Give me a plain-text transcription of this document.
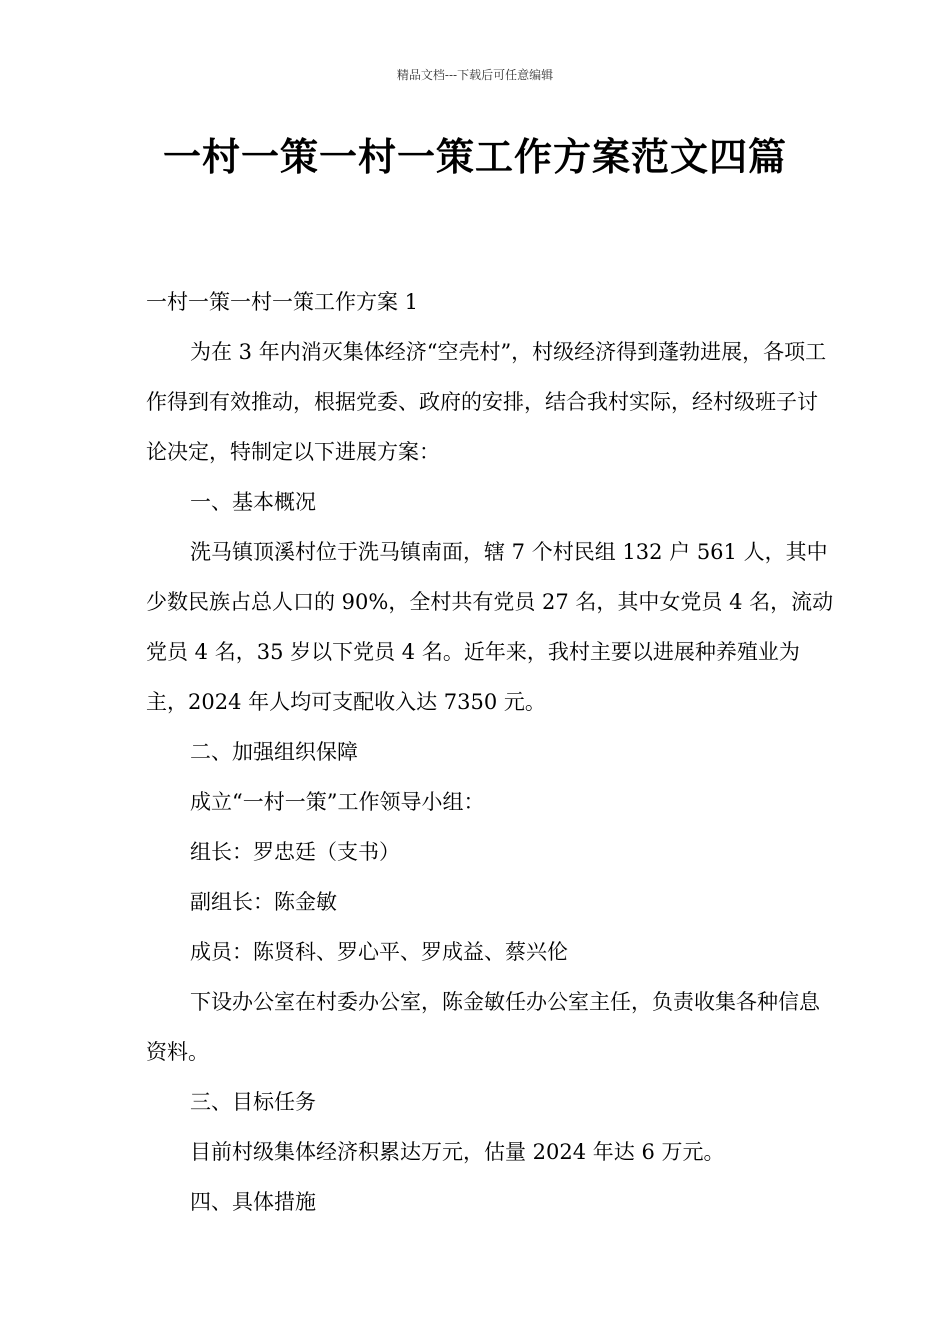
精品文档---下载后可任意编辑
一村一策一村一策工作方案范文四篇

一村一策一村一策工作方案 1

为在 3 年内消灭集体经济“空壳村”，村级经济得到蓬勃进展，各项工作得到有效推动，根据党委、政府的安排，结合我村实际，经村级班子讨论决定，特制定以下进展方案：

一、基本概况

洗马镇顶溪村位于洗马镇南面，辖 7 个村民组 132 户 561 人，其中少数民族占总人口的 90%，全村共有党员 27 名，其中女党员 4 名，流动党员 4 名，35 岁以下党员 4 名。近年来，我村主要以进展种养殖业为主，2024 年人均可支配收入达 7350 元。

二、加强组织保障

成立“一村一策”工作领导小组：

组长：罗忠廷（支书）

副组长：陈金敏

成员：陈贤科、罗心平、罗成益、蔡兴伦

下设办公室在村委办公室，陈金敏任办公室主任，负责收集各种信息资料。

三、目标任务

目前村级集体经济积累达万元，估量 2024 年达 6 万元。

四、具体措施
